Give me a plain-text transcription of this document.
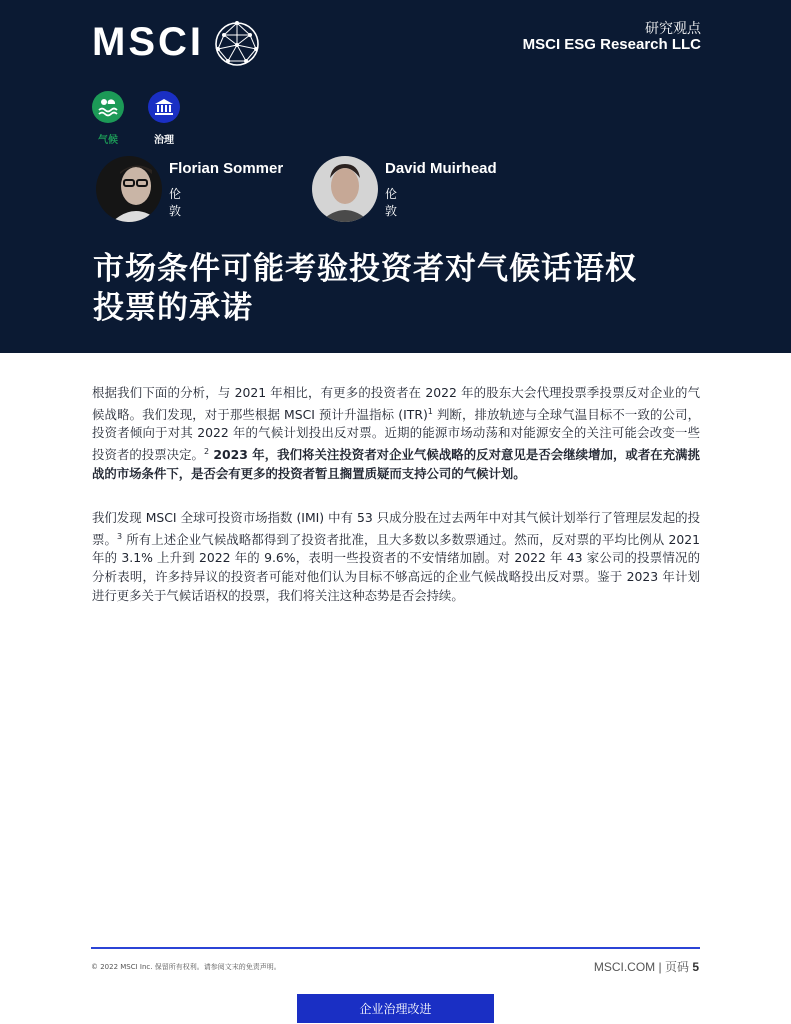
MSCI	研究观点
MSCI ESG Research LLC
气候	治理
Florian Sommer
伦敦
David Muirhead
伦敦
市场条件可能考验投资者对气候话语权
投票的承诺

根据我们下面的分析，与 2021 年相比，有更多的投资者在 2022 年的股东大会代理投票季投票反对企业的气候战略。我们发现，对于那些根据 MSCI 预计升温指标 (ITR)$^1$ 判断，排放轨迹与全球气温目标不一致的公司，投资者倾向于对其 2022 年的气候计划投出反对票。近期的能源市场动荡和对能源安全的关注可能会改变一些投资者的投票决定。$^2$ 2023 年，我们将关注投资者对企业气候战略的反对意见是否会继续增加，或者在充满挑战的市场条件下，是否会有更多的投资者暂且搁置质疑而支持公司的气候计划。

我们发现 MSCI 全球可投资市场指数 (IMI) 中有 53 只成分股在过去两年中对其气候计划举行了管理层发起的投票。$^3$ 所有上述企业气候战略都得到了投资者批准，且大多数以多数票通过。然而，反对票的平均比例从 2021 年的 3.1% 上升到 2022 年的 9.6%，表明一些投资者的不安情绪加剧。对 2022 年 43 家公司的投票情况的分析表明，许多持异议的投资者可能对他们认为目标不够高远的企业气候战略投出反对票。鉴于 2023 年计划进行更多关于气候话语权的投票，我们将关注这种态势是否会持续。

© 2022 MSCI Inc. 保留所有权利。请参阅文末的免责声明。	MSCI.COM | 页码 5
企业治理改进
